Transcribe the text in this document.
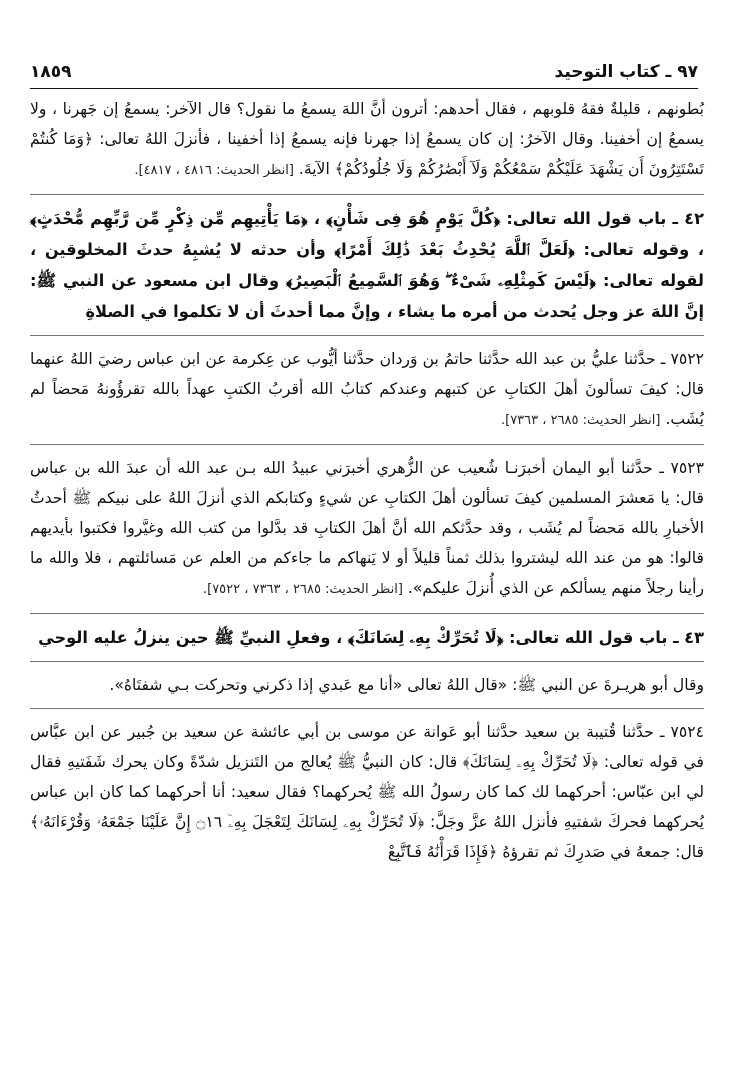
٩٧ ـ كتاب التوحيد
١٨٥٩

بُطونهم ، قليلةٌ فقهُ قلوبهم ، فقال أحدهم: أترون أنَّ اللهَ يسمعُ ما نقول؟ قال الآخر: يسمعُ إن جَهرنا ، ولا يسمعُ إن أخفينا. وقال الآخرُ: إن كان يسمعُ إذا جهرنا فإنه يسمعُ إذا أخفينا ، فأنزلَ اللهُ تعالى: ﴿وَمَا كُنتُمْ تَسْتَتِرُونَ أَن يَشْهَدَ عَلَيْكُمْ سَمْعُكُمْ وَلَآ أَبْصَٰرُكُمْ وَلَا جُلُودُكُمْ﴾ الآيةَ. [انظر الحديث: ٤٨١٦ ، ٤٨١٧].

٤٢ ـ باب قول الله تعالى: ﴿كُلَّ يَوْمٍ هُوَ فِى شَأْنٍ﴾ ، ﴿مَا يَأْتِيهِم مِّن ذِكْرٍ مِّن رَّبِّهِم مُّحْدَثٍ﴾ ، وقوله تعالى: ﴿لَعَلَّ ٱللَّهَ يُحْدِثُ بَعْدَ ذَٰلِكَ أَمْرًا﴾ وأن حدثه لا يُشبِهُ حدثَ المخلوقين ، لقوله تعالى: ﴿لَيْسَ كَمِثْلِهِۦ شَىْءٌ ۖ وَهُوَ ٱلسَّمِيعُ ٱلْبَصِيرُ﴾ وقال ابن مسعود عن النبي ﷺ: إنَّ اللهَ عز وجل يُحدث من أمره ما يشاء ، وإنَّ مما أحدثَ أن لا تكلموا في الصلاةِ

٧٥٢٢ ـ حدَّثنا عليُّ بن عبد الله حدَّثنا حاتمُ بن وَردان حدَّثنا أيُّوب عن عِكرمة عن ابن عباس رضيَ اللهُ عنهما قال: كيفَ تسألونَ أهلَ الكتابِ عن كتبهم وعندكم كتابُ الله أقربُ الكتبِ عهداً بالله تقرؤُونهُ مَحضاً لم يُشَب. [انظر الحديث: ٢٦٨٥ ، ٧٣٦٣].

٧٥٢٣ ـ حدَّثنا أبو اليمان أخبرَنـا شُعيب عن الزُّهري أخبرَني عبيدُ الله بـن عبد الله أن عبدَ الله بن عباس قال: يا مَعشرَ المسلمين كيفَ تسألون أهلَ الكتابِ عن شيءٍ وكتابكم الذي أنزلَ اللهُ على نبيكم ﷺ أحدثُ الأخبارِ بالله مَحضاً لم يُشَب ، وقد حدَّثكم الله أنَّ أهلَ الكتابِ قد بدَّلوا من كتب الله وغيَّروا فكتبوا بأيديهم قالوا: هو من عند الله ليشتروا بذلك ثمناً قليلاً أو لا يَنهاكم ما جاءكم من العلم عن مَسائلتهم ، فلا والله ما رأينا رجلاً منهم يسألكم عن الذي أُنزلَ عليكم». [انظر الحديث: ٢٦٨٥ ، ٧٣٦٣ ، ٧٥٢٢].

٤٣ ـ باب قول الله تعالى: ﴿لَا تُحَرِّكْ بِهِۦ لِسَانَكَ﴾ ، وفعلِ النبيِّ ﷺ حين ينزلُ عليه الوحي

وقال أبو هريـرةَ عن النبي ﷺ: «قال اللهُ تعالى «أنا مع عَبدي إذا ذكرني وتحركت بـي شفتَاهُ».

٧٥٢٤ ـ حدَّثنا قُتيبة بن سعيد حدَّثنا أبو عَوانة عن موسى بن أبي عائشة عن سعيد بن جُبير عن ابن عبَّاس في قوله تعالى: ﴿لَا تُحَرِّكْ بِهِۦ لِسَانَكَ﴾ قال: كان النبيُّ ﷺ يُعالج من التَنزيل شدّةً وكان يحرك شَفَتيهِ فقال لي ابن عبّاس: أحركهما لك كما كان رسولُ الله ﷺ يُحركهما؟ فقال سعيد: أنا أحركهما كما كان ابن عباس يُحركهما فحركَ شفتيهِ فأنزل اللهُ عزَّ وجَلَّ: ﴿لَا تُحَرِّكْ بِهِۦ لِسَانَكَ لِتَعْجَلَ بِهِۦٓ ۝١٦ إِنَّ عَلَيْنَا جَمْعَهُۥ وَقُرْءَانَهُۥ﴾ قال: جمعهُ في صَدرِكَ ثم تقرؤهُ ﴿فَإِذَا قَرَأْنَٰهُ فَٱتَّبِعْ
